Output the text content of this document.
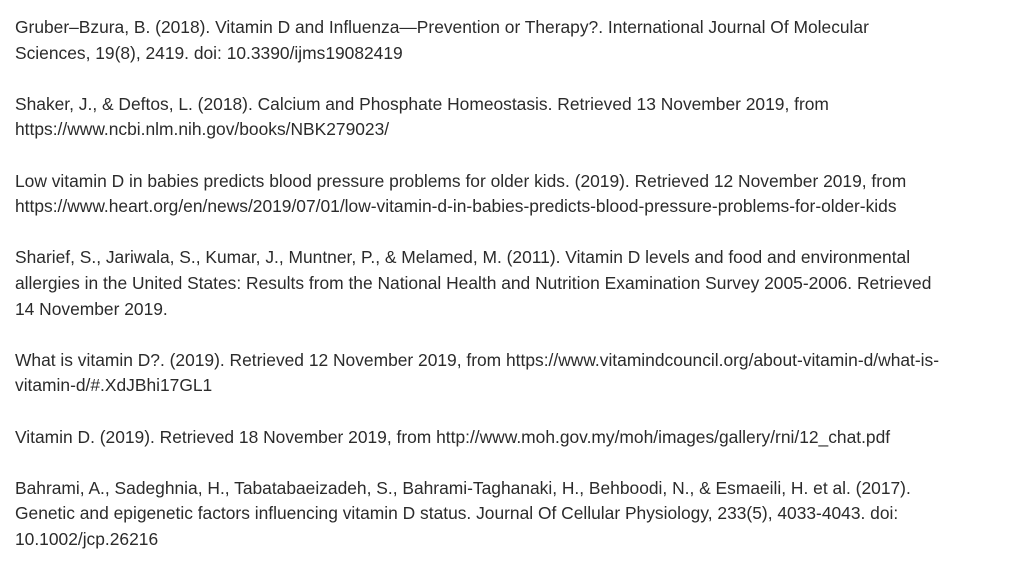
Gruber–Bzura, B. (2018). Vitamin D and Influenza—Prevention or Therapy?. International Journal Of Molecular
Sciences, 19(8), 2419. doi: 10.3390/ijms19082419
Shaker, J., & Deftos, L. (2018). Calcium and Phosphate Homeostasis. Retrieved 13 November 2019, from
https://www.ncbi.nlm.nih.gov/books/NBK279023/
Low vitamin D in babies predicts blood pressure problems for older kids. (2019). Retrieved 12 November 2019, from
https://www.heart.org/en/news/2019/07/01/low-vitamin-d-in-babies-predicts-blood-pressure-problems-for-older-kids
Sharief, S., Jariwala, S., Kumar, J., Muntner, P., & Melamed, M. (2011). Vitamin D levels and food and environmental
allergies in the United States: Results from the National Health and Nutrition Examination Survey 2005-2006. Retrieved
14 November 2019.
What is vitamin D?. (2019). Retrieved 12 November 2019, from https://www.vitamindcouncil.org/about-vitamin-d/what-is-
vitamin-d/#.XdJBhi17GL1
Vitamin D. (2019). Retrieved 18 November 2019, from http://www.moh.gov.my/moh/images/gallery/rni/12_chat.pdf
Bahrami, A., Sadeghnia, H., Tabatabaeizadeh, S., Bahrami-Taghanaki, H., Behboodi, N., & Esmaeili, H. et al. (2017).
Genetic and epigenetic factors influencing vitamin D status. Journal Of Cellular Physiology, 233(5), 4033-4043. doi:
10.1002/jcp.26216
